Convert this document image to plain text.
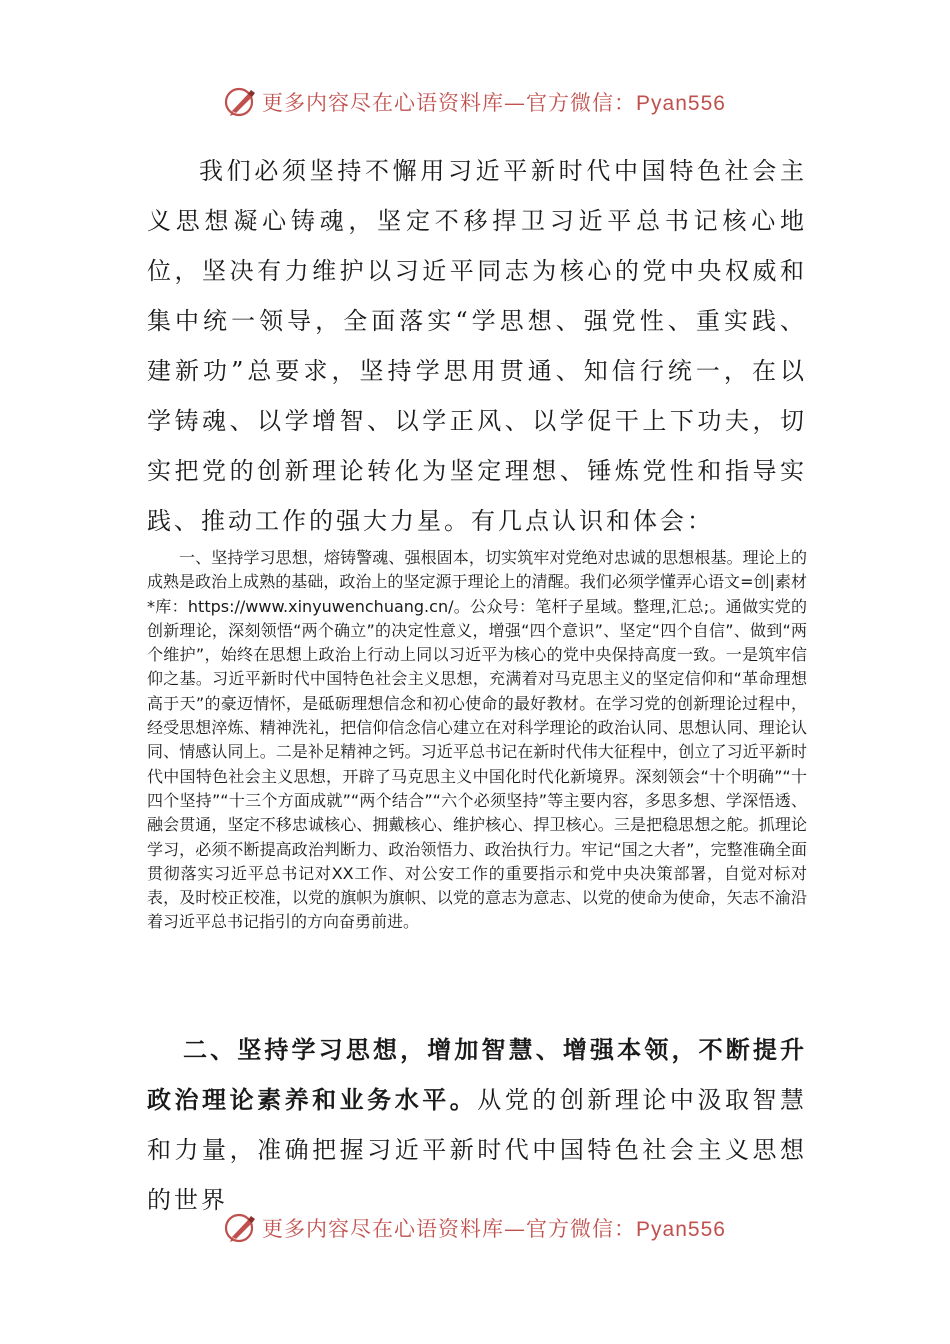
更多内容尽在心语资料库—官方微信：Pyan556

我们必须坚持不懈用习近平新时代中国特色社会主义思想凝心铸魂，坚定不移捍卫习近平总书记核心地位，坚决有力维护以习近平同志为核心的党中央权威和集中统一领导，全面落实“学思想、强党性、重实践、建新功”总要求，坚持学思用贯通、知信行统一，在以学铸魂、以学增智、以学正风、以学促干上下功夫，切实把党的创新理论转化为坚定理想、锤炼党性和指导实践、推动工作的强大力星。有几点认识和体会：

一、坚持学习思想，熔铸警魂、强根固本，切实筑牢对党绝对忠诚的思想根基。理论上的成熟是政治上成熟的基础，政治上的坚定源于理论上的清醒。我们必须学懂弄心语文=创|素材*库：https://www.xinyuwenchuang.cn/。公众号：笔杆子星域。整理,汇总;。通做实党的创新理论，深刻领悟“两个确立”的决定性意义，增强“四个意识”、坚定“四个自信”、做到“两个维护”，始终在思想上政治上行动上同以习近平为核心的党中央保持高度一致。一是筑牢信仰之基。习近平新时代中国特色社会主义思想，充满着对马克思主义的坚定信仰和“革命理想高于天”的豪迈情怀，是砥砺理想信念和初心使命的最好教材。在学习党的创新理论过程中，经受思想淬炼、精神洗礼，把信仰信念信心建立在对科学理论的政治认同、思想认同、理论认同、情感认同上。二是补足精神之钙。习近平总书记在新时代伟大征程中，创立了习近平新时代中国特色社会主义思想，开辟了马克思主义中国化时代化新境界。深刻领会“十个明确”“十四个坚持”“十三个方面成就”“两个结合”“六个必须坚持”等主要内容，多思多想、学深悟透、融会贯通，坚定不移忠诚核心、拥戴核心、维护核心、捍卫核心。三是把稳思想之舵。抓理论学习，必须不断提高政治判断力、政治领悟力、政治执行力。牢记“国之大者”，完整准确全面贯彻落实习近平总书记对XX工作、对公安工作的重要指示和党中央决策部署，自觉对标对表，及时校正校准，以党的旗帜为旗帜、以党的意志为意志、以党的使命为使命，矢志不渝沿着习近平总书记指引的方向奋勇前进。

二、坚持学习思想，增加智慧、增强本领，不断提升政治理论素养和业务水平。从党的创新理论中汲取智慧和力量，准确把握习近平新时代中国特色社会主义思想的世界

更多内容尽在心语资料库—官方微信：Pyan556
